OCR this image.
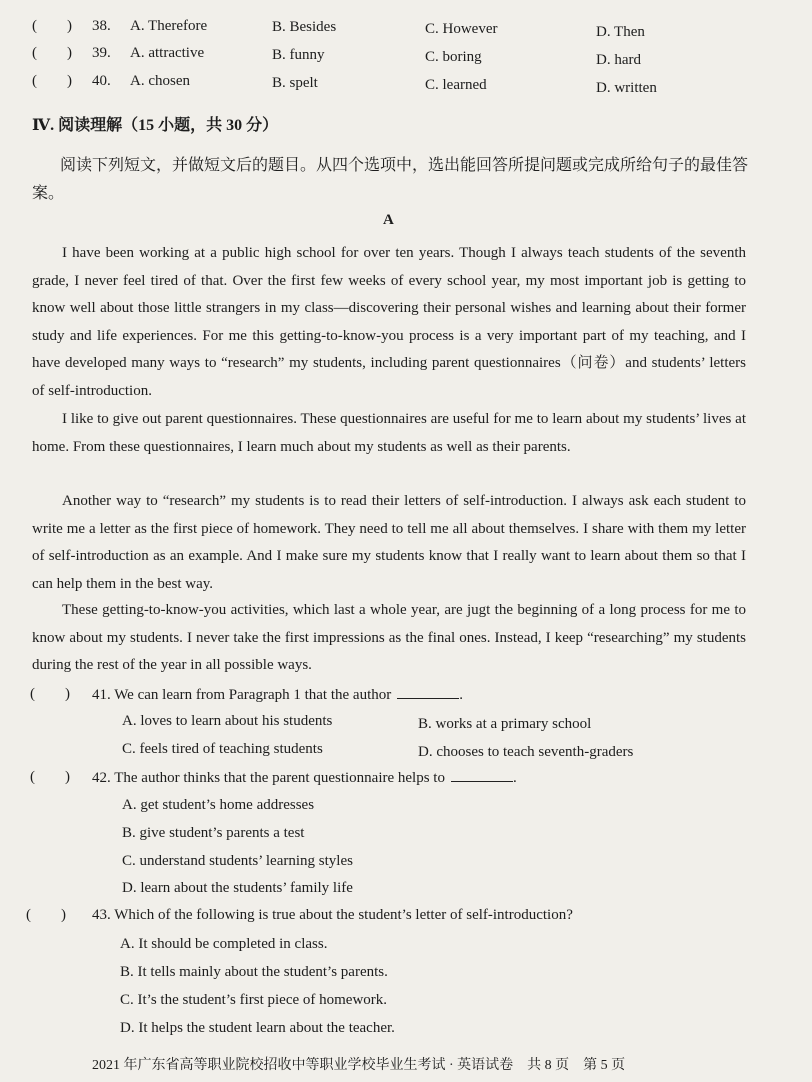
(　　) 38. A. Therefore	B. Besides	C. However	D. Then
(　　) 39. A. attractive	B. funny	C. boring	D. hard
(　　) 40. A. chosen	B. spelt	C. learned	D. written
Ⅳ. 阅读理解（15 小题，共 30 分）
阅读下列短文，并做短文后的题目。从四个选项中，选出能回答所提问题或完成所给句子的最佳答案。
A
I have been working at a public high school for over ten years. Though I always teach students of the seventh grade, I never feel tired of that. Over the first few weeks of every school year, my most important job is getting to know well about those little strangers in my class—discovering their personal wishes and learning about their former study and life experiences. For me this getting-to-know-you process is a very important part of my teaching, and I have developed many ways to “research” my students, including parent questionnaires（问卷）and students’ letters of self-introduction.
I like to give out parent questionnaires. These questionnaires are useful for me to learn about my students’ lives at home. From these questionnaires, I learn much about my students as well as their parents.
Another way to “research” my students is to read their letters of self-introduction. I always ask each student to write me a letter as the first piece of homework. They need to tell me all about themselves. I share with them my letter of self-introduction as an example. And I make sure my students know that I really want to learn about them so that I can help them in the best way.
These getting-to-know-you activities, which last a whole year, are jugt the beginning of a long process for me to know about my students. I never take the first impressions as the final ones. Instead, I keep “researching” my students during the rest of the year in all possible ways.
(　　) 41. We can learn from Paragraph 1 that the author	.
A. loves to learn about his students	B. works at a primary school
C. feels tired of teaching students	D. chooses to teach seventh-graders
(　　) 42. The author thinks that the parent questionnaire helps to	.
A. get student’s home addresses
B. give student’s parents a test
C. understand students’ learning styles
D. learn about the students’ family life
(　　) 43. Which of the following is true about the student’s letter of self-introduction?
A. It should be completed in class.
B. It tells mainly about the student’s parents.
C. It’s the student’s first piece of homework.
D. It helps the student learn about the teacher.
2021 年广东省高等职业院校招收中等职业学校毕业生考试 · 英语试卷　共 8 页　第 5 页
